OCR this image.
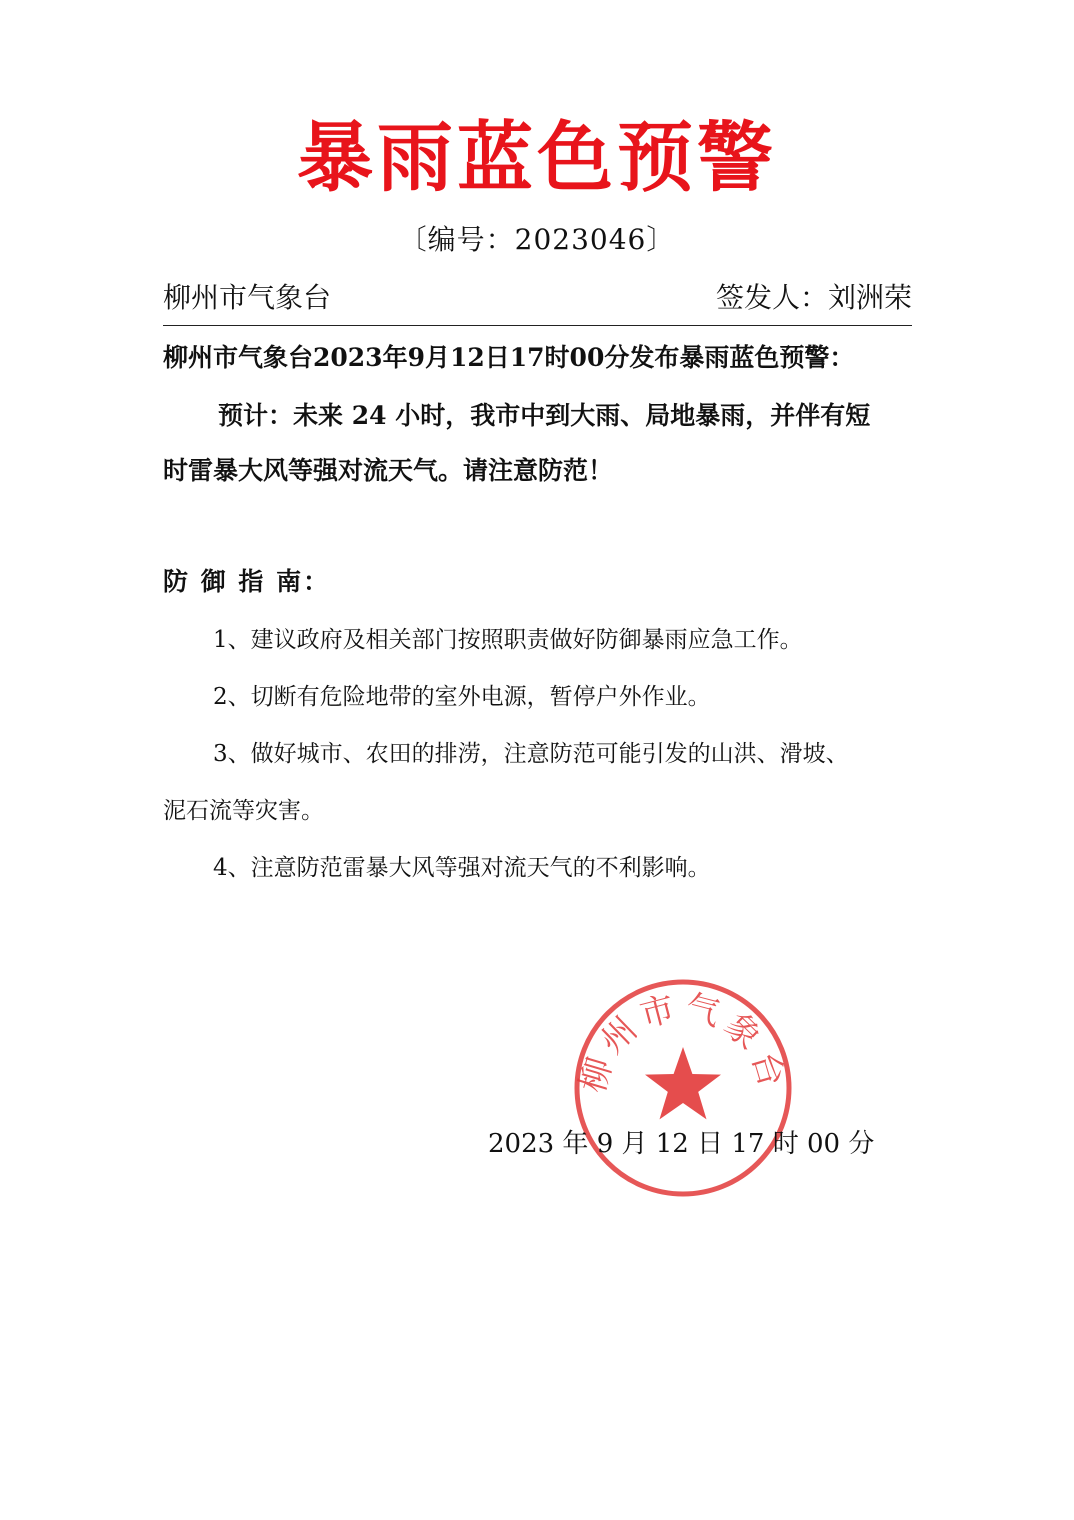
暴雨蓝色预警
〔编号：2023046〕
柳州市气象台	签发人：刘洲荣
柳州市气象台2023年9月12日17时00分发布暴雨蓝色预警：
预计：未来 24 小时，我市中到大雨、局地暴雨，并伴有短
时雷暴大风等强对流天气。请注意防范！
防 御 指 南：
1、建议政府及相关部门按照职责做好防御暴雨应急工作。
2、切断有危险地带的室外电源，暂停户外作业。
3、做好城市、农田的排涝，注意防范可能引发的山洪、滑坡、
泥石流等灾害。
4、注意防范雷暴大风等强对流天气的不利影响。
柳州市气象台
2023 年 9 月 12 日 17 时 00 分
